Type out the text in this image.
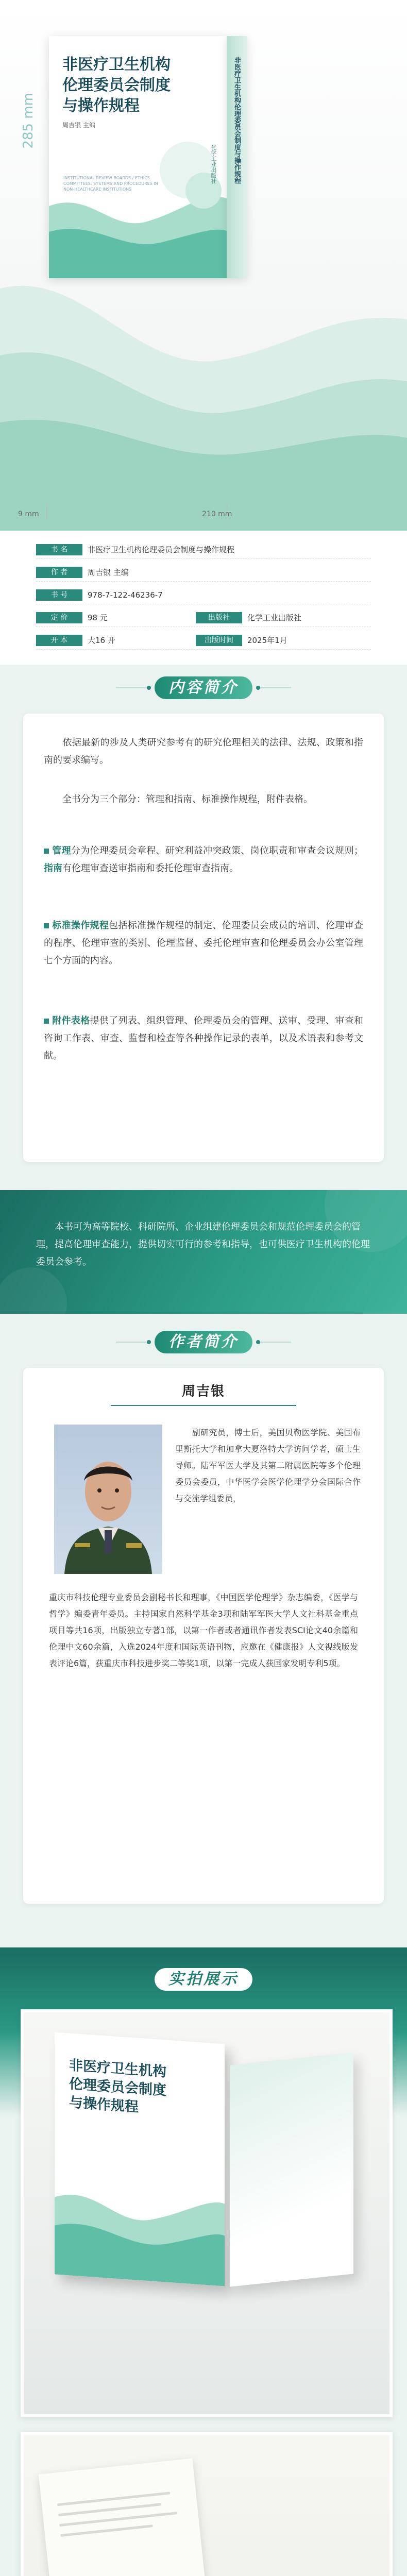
非医疗卫生机构
伦理委员会制度
与操作规程
周吉银 主编
INSTITUTIONAL REVIEW BOARDS / ETHICS COMMITTEES: SYSTEMS AND PROCEDURES IN NON-HEALTHCARE INSTITUTIONS
化学工业出版社 非医疗卫生机构伦理委员会制度与操作规程
285 mm
9 mm	210 mm
书 名	非医疗卫生机构伦理委员会制度与操作规程
作 者	周吉银 主编
书 号	978-7-122-46236-7
定 价	98 元	出版社	化学工业出版社
开 本	大16 开	出版时间	2025年1月
内容简介

　　依据最新的涉及人类研究参考有的研究伦理相关的法律、法规、政策和指南的要求编写。

　　全书分为三个部分：管理和指南、标准操作规程，附件表格。

管理分为伦理委员会章程、研究利益冲突政策、岗位职责和审查会议规则；指南有伦理审查送审指南和委托伦理审查指南。

标准操作规程包括标准操作规程的制定、伦理委员会成员的培训、伦理审查的程序、伦理审查的类别、伦理监督、委托伦理审查和伦理委员会办公室管理七个方面的内容。

附件表格提供了列表、组织管理、伦理委员会的管理、送审、受理、审查和咨询工作表、审查、监督和检查等各种操作记录的表单，以及术语表和参考文献。

　　本书可为高等院校、科研院所、企业组建伦理委员会和规范伦理委员会的管理，提高伦理审查能力，提供切实可行的参考和指导，也可供医疗卫生机构的伦理委员会参考。

作者简介
周吉银

　　副研究员，博士后，美国贝勒医学院、美国布里斯托大学和加拿大夏洛特大学访问学者，硕士生导师。陆军军医大学及其第二附属医院等多个伦理委员会委员，中华医学会医学伦理学分会国际合作与交流学组委员，

重庆市科技伦理专业委员会副秘书长和理事，《中国医学伦理学》杂志编委，《医学与哲学》编委青年委员。主持国家自然科学基金3项和陆军军医大学人文社科基金重点项目等共16项，出版独立专著1部，以第一作者或者通讯作者发表SCI论文40余篇和伦理中文60余篇，入选2024年度和国际英语刊物，应邀在《健康报》人文视线版发表评论6篇，获重庆市科技进步奖二等奖1项，以第一完成人获国家发明专利5项。

实拍展示
非医疗卫生机构
伦理委员会制度
与操作规程
